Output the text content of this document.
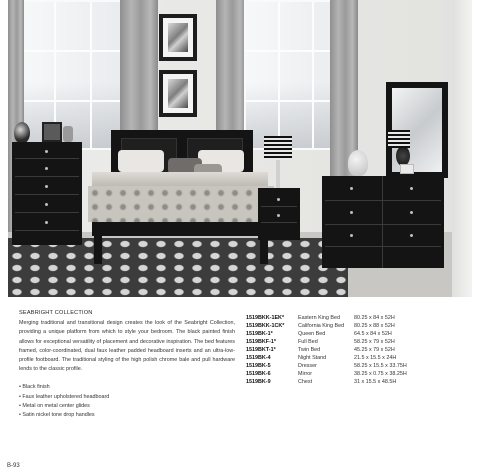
SEABRIGHT COLLECTION

Merging traditional and transitional design creates the look of the Seabright Collection, providing a unique platform from which to style your bedroom. The black painted finish allows for exceptional versatility of placement and decorative inspiration. The bed features framed, color-coordinated, dual faux leather padded headboard inserts and an ultra-low-profile footboard. The traditional styling of the high polish chrome bale and pull hardware lends to the classic profile.

• Black finish
• Faux leather upholstered headboard
• Metal on metal center glides
• Satin nickel tone drop handles
1519BKK-1EK*	Eastern King Bed	80.25 x 84 x 52H
1519BKK-1CK*	California King Bed	80.25 x 88 x 52H
1519BK-1*	Queen Bed	64.5 x 84 x 52H
1519BKF-1*	Full Bed	58.25 x 79 x 52H
1519BKT-1*	Twin Bed	45.25 x 79 x 52H
1519BK-4	Night Stand	21.5 x 15.5 x 24H
1519BK-5	Dresser	58.25 x 15.5 x 33.75H
1519BK-6	Mirror	38.25 x 0.75 x 38.25H
1519BK-9	Chest	31 x 15.5 x 48.5H
B-93
